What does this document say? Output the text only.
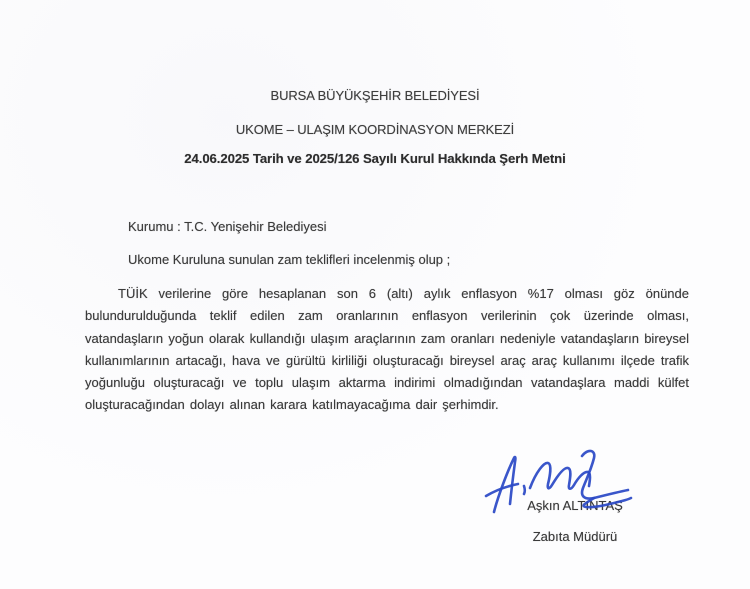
BURSA BÜYÜKŞEHİR BELEDİYESİ
UKOME – ULAŞIM KOORDİNASYON MERKEZİ
24.06.2025 Tarih ve 2025/126 Sayılı Kurul Hakkında Şerh Metni
Kurumu : T.C. Yenişehir Belediyesi
Ukome Kuruluna sunulan zam teklifleri incelenmiş olup ;
TÜİK verilerine göre hesaplanan son 6 (altı) aylık enflasyon %17 olması göz önünde bulundurulduğunda teklif edilen zam oranlarının enflasyon verilerinin çok üzerinde olması, vatandaşların yoğun olarak kullandığı ulaşım araçlarının zam oranları nedeniyle vatandaşların bireysel kullanımlarının artacağı, hava ve gürültü kirliliği oluşturacağı bireysel araç araç kullanımı ilçede trafik yoğunluğu oluşturacağı ve toplu ulaşım aktarma indirimi olmadığından vatandaşlara maddi külfet oluşturacağından dolayı alınan karara katılmayacağıma dair şerhimdir.
Aşkın ALTINTAŞ
Zabıta Müdürü
